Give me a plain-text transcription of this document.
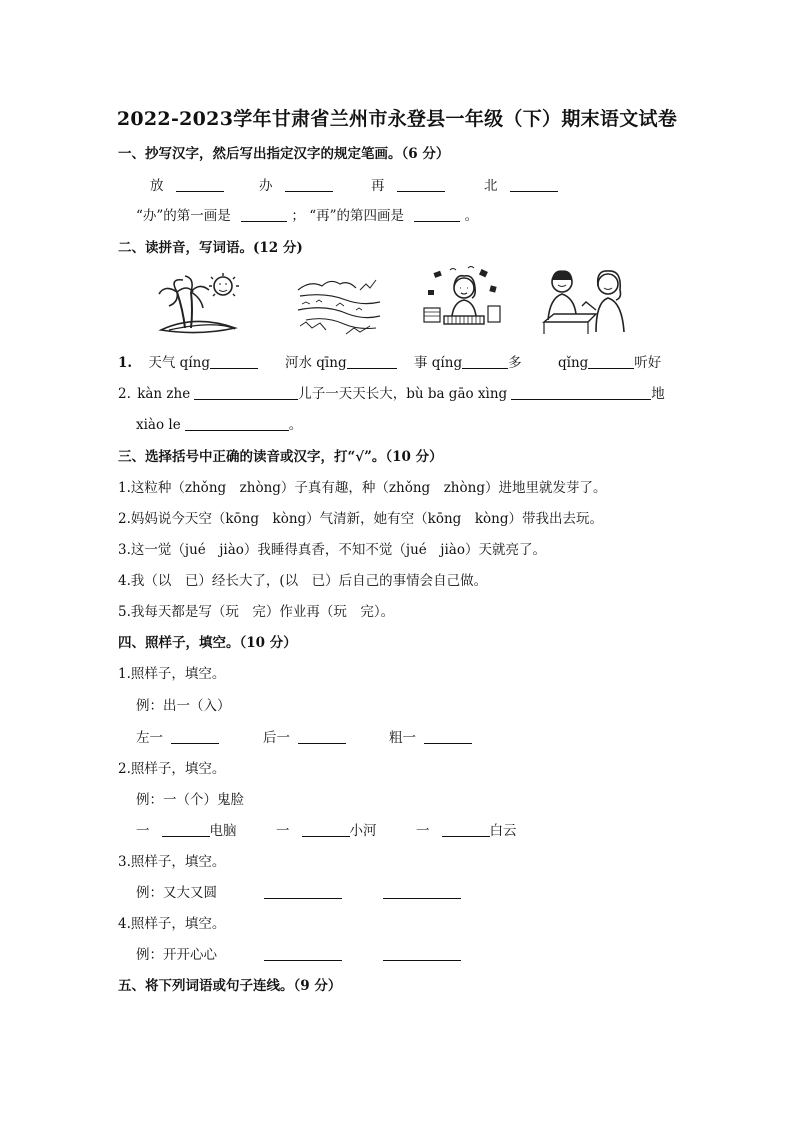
2022-2023学年甘肃省兰州市永登县一年级（下）期末语文试卷
一、抄写汉字，然后写出指定汉字的规定笔画。（6 分）
放	办	再	北
“办”的第一画是	； “再”的第四画是	。
二、读拼音，写词语。(12 分)
1. 天气 qíng	河水 qīng	事 qíng	多	qǐng	听好
2. kàn zhe	儿子一天天长大，bù ba gāo xìng	地
xiào le	。
三、选择括号中正确的读音或汉字，打“√”。（10 分）
1.这粒种（zhǒng　zhòng）子真有趣，种（zhǒng　zhòng）进地里就发芽了。
2.妈妈说今天空（kōng　kòng）气清新，她有空（kōng　kòng）带我出去玩。
3.这一觉（jué　jiào）我睡得真香，不知不觉（jué　jiào）天就亮了。
4.我（以　已）经长大了，(以　已）后自己的事情会自己做。
5.我每天都是写（玩　完）作业再（玩　完）。
四、照样子，填空。（10 分）
1.照样子，填空。
例：出一（入）
左一	后一	粗一
2.照样子，填空。
例：一（个）鬼脸
一	电脑	一	小河	一	白云
3.照样子，填空。
例：又大又圆
4.照样子，填空。
例：开开心心
五、将下列词语或句子连线。（9 分）
